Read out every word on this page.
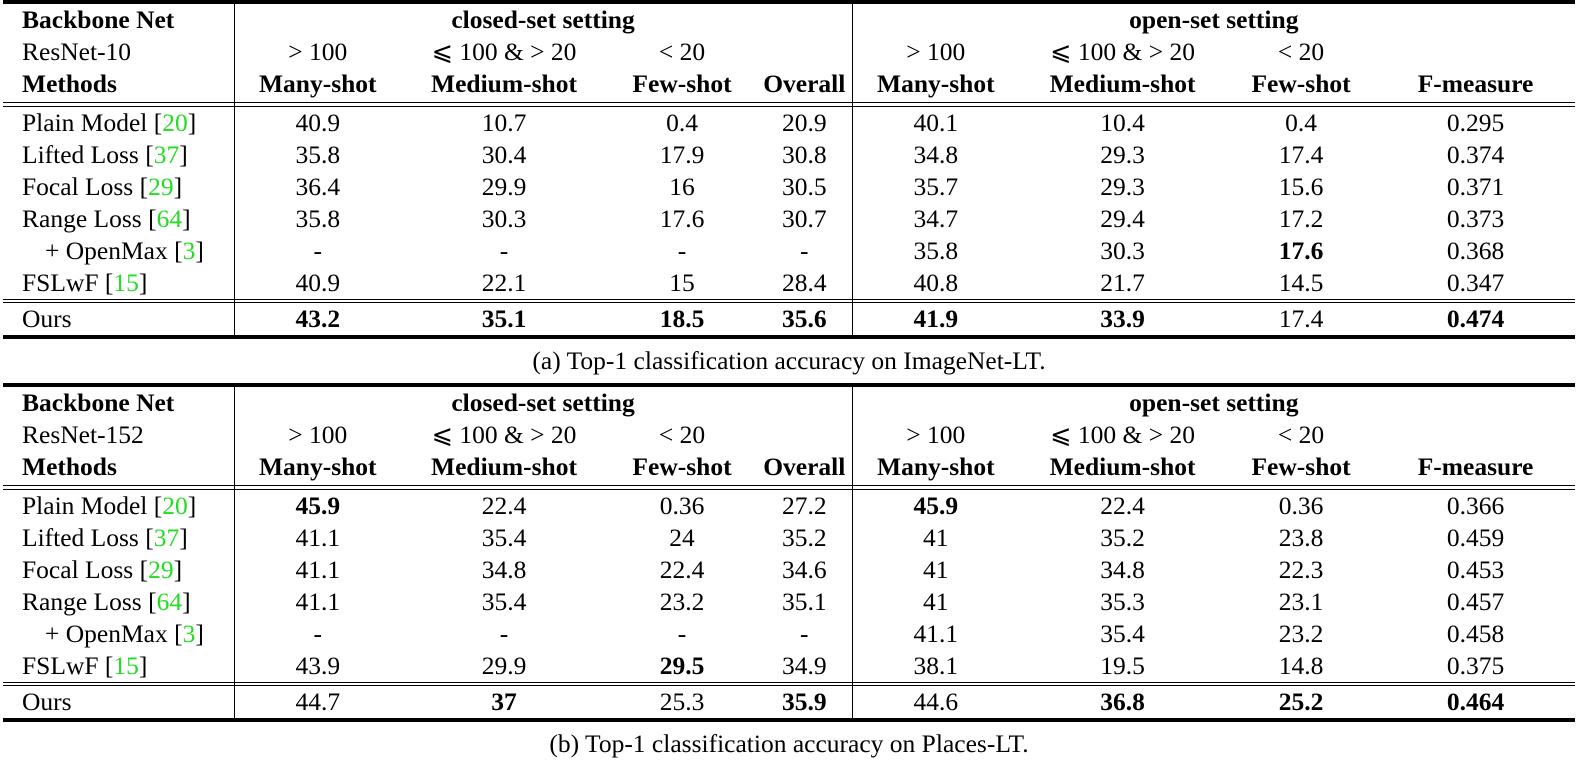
Backbone Net	closed-set setting				open-set setting			
ResNet-10	> 100	⩽ 100 & > 20	< 20		> 100	⩽ 100 & > 20	< 20	
Methods	Many-shot	Medium-shot	Few-shot	Overall	Many-shot	Medium-shot	Few-shot	F-measure

Plain Model [20]	40.9	10.7	0.4	20.9	40.1	10.4	0.4	0.295
Lifted Loss [37]	35.8	30.4	17.9	30.8	34.8	29.3	17.4	0.374
Focal Loss [29]	36.4	29.9	16	30.5	35.7	29.3	15.6	0.371
Range Loss [64]	35.8	30.3	17.6	30.7	34.7	29.4	17.2	0.373
+ OpenMax [3]	-	-	-	-	35.8	30.3	17.6	0.368
FSLwF [15]	40.9	22.1	15	28.4	40.8	21.7	14.5	0.347

Ours	43.2	35.1	18.5	35.6	41.9	33.9	17.4	0.474
(a) Top-1 classification accuracy on ImageNet-LT.
Backbone Net	closed-set setting				open-set setting			
ResNet-152	> 100	⩽ 100 & > 20	< 20		> 100	⩽ 100 & > 20	< 20	
Methods	Many-shot	Medium-shot	Few-shot	Overall	Many-shot	Medium-shot	Few-shot	F-measure

Plain Model [20]	45.9	22.4	0.36	27.2	45.9	22.4	0.36	0.366
Lifted Loss [37]	41.1	35.4	24	35.2	41	35.2	23.8	0.459
Focal Loss [29]	41.1	34.8	22.4	34.6	41	34.8	22.3	0.453
Range Loss [64]	41.1	35.4	23.2	35.1	41	35.3	23.1	0.457
+ OpenMax [3]	-	-	-	-	41.1	35.4	23.2	0.458
FSLwF [15]	43.9	29.9	29.5	34.9	38.1	19.5	14.8	0.375

Ours	44.7	37	25.3	35.9	44.6	36.8	25.2	0.464
(b) Top-1 classification accuracy on Places-LT.
